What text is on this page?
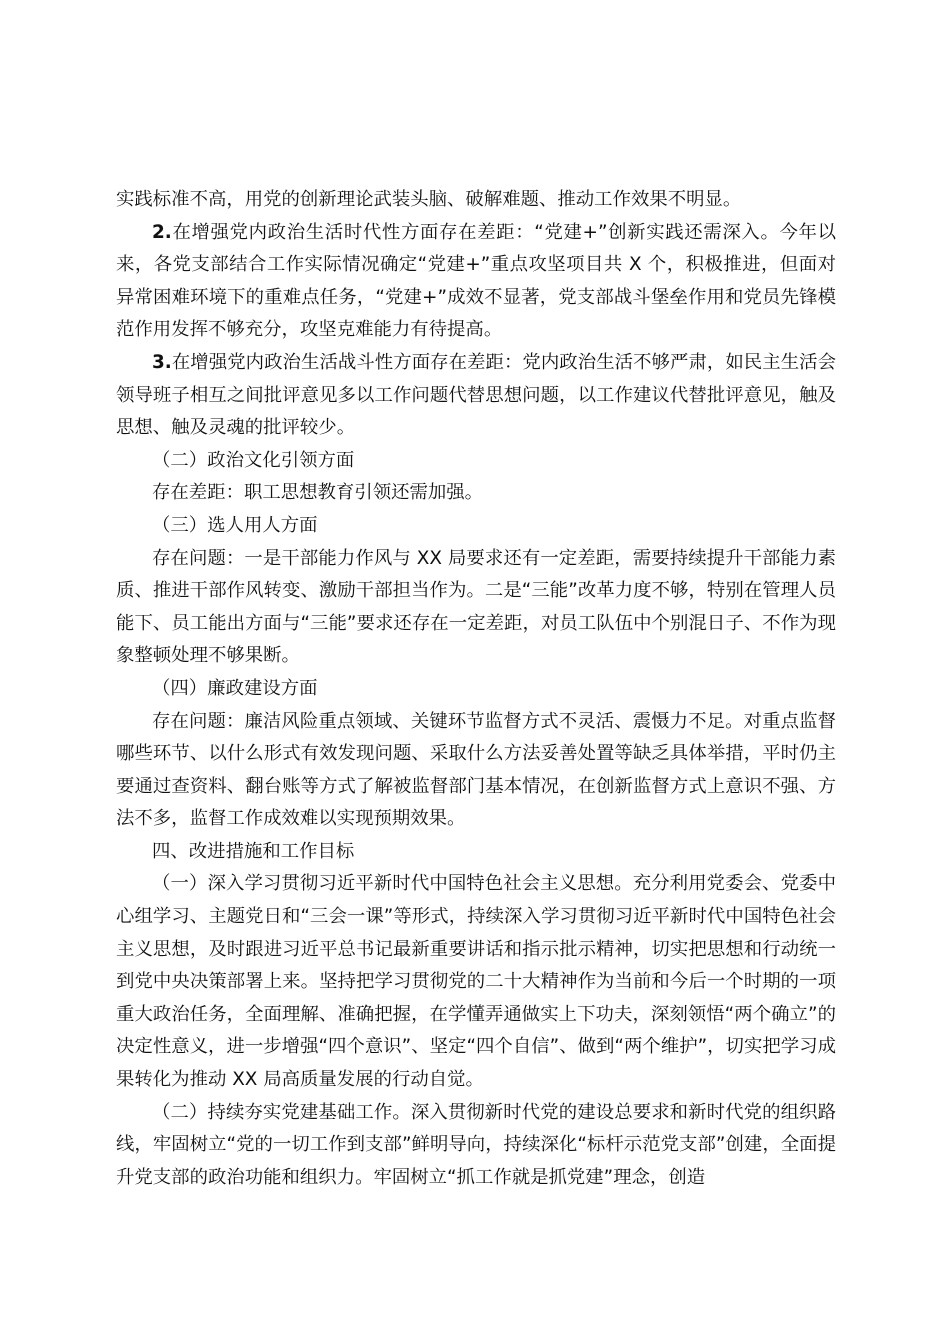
实践标准不高，用党的创新理论武装头脑、破解难题、推动工作效果不明显。

2.在增强党内政治生活时代性方面存在差距：“党建+”创新实践还需深入。今年以来，各党支部结合工作实际情况确定“党建+”重点攻坚项目共 X 个，积极推进，但面对异常困难环境下的重难点任务，“党建+”成效不显著，党支部战斗堡垒作用和党员先锋模范作用发挥不够充分，攻坚克难能力有待提高。

3.在增强党内政治生活战斗性方面存在差距：党内政治生活不够严肃，如民主生活会领导班子相互之间批评意见多以工作问题代替思想问题，以工作建议代替批评意见，触及思想、触及灵魂的批评较少。

（二）政治文化引领方面

存在差距：职工思想教育引领还需加强。

（三）选人用人方面

存在问题：一是干部能力作风与 XX 局要求还有一定差距，需要持续提升干部能力素质、推进干部作风转变、激励干部担当作为。二是“三能”改革力度不够，特别在管理人员能下、员工能出方面与“三能”要求还存在一定差距，对员工队伍中个别混日子、不作为现象整顿处理不够果断。

（四）廉政建设方面

存在问题：廉洁风险重点领域、关键环节监督方式不灵活、震慑力不足。对重点监督哪些环节、以什么形式有效发现问题、采取什么方法妥善处置等缺乏具体举措，平时仍主要通过查资料、翻台账等方式了解被监督部门基本情况，在创新监督方式上意识不强、方法不多，监督工作成效难以实现预期效果。

四、改进措施和工作目标

（一）深入学习贯彻习近平新时代中国特色社会主义思想。充分利用党委会、党委中心组学习、主题党日和“三会一课”等形式，持续深入学习贯彻习近平新时代中国特色社会主义思想，及时跟进习近平总书记最新重要讲话和指示批示精神，切实把思想和行动统一到党中央决策部署上来。坚持把学习贯彻党的二十大精神作为当前和今后一个时期的一项重大政治任务，全面理解、准确把握，在学懂弄通做实上下功夫，深刻领悟“两个确立”的决定性意义，进一步增强“四个意识”、坚定“四个自信”、做到“两个维护”，切实把学习成果转化为推动 XX 局高质量发展的行动自觉。

（二）持续夯实党建基础工作。深入贯彻新时代党的建设总要求和新时代党的组织路线，牢固树立“党的一切工作到支部”鲜明导向，持续深化“标杆示范党支部”创建，全面提升党支部的政治功能和组织力。牢固树立“抓工作就是抓党建”理念，创造
